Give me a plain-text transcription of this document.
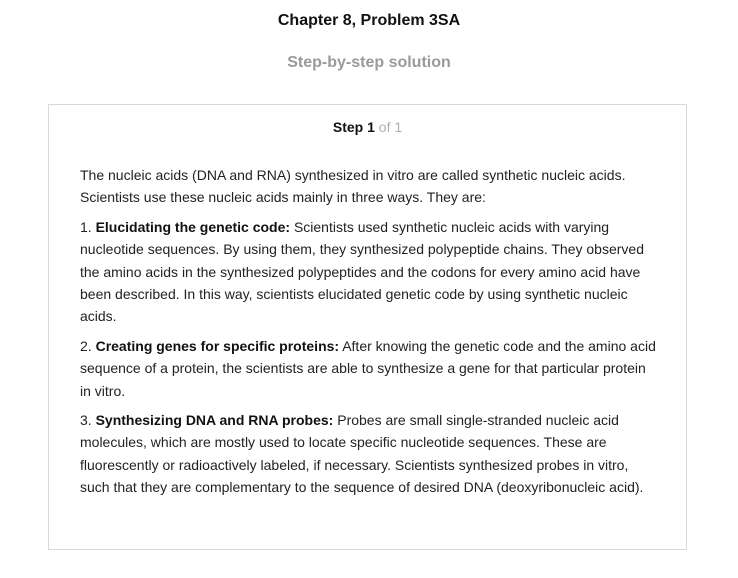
Chapter 8, Problem 3SA
Step-by-step solution
Step 1 of 1

The nucleic acids (DNA and RNA) synthesized in vitro are called synthetic nucleic acids. Scientists use these nucleic acids mainly in three ways. They are:

1. Elucidating the genetic code: Scientists used synthetic nucleic acids with varying nucleotide sequences. By using them, they synthesized polypeptide chains. They observed the amino acids in the synthesized polypeptides and the codons for every amino acid have been described. In this way, scientists elucidated genetic code by using synthetic nucleic acids.

2. Creating genes for specific proteins: After knowing the genetic code and the amino acid sequence of a protein, the scientists are able to synthesize a gene for that particular protein in vitro.

3. Synthesizing DNA and RNA probes: Probes are small single-stranded nucleic acid molecules, which are mostly used to locate specific nucleotide sequences. These are fluorescently or radioactively labeled, if necessary. Scientists synthesized probes in vitro, such that they are complementary to the sequence of desired DNA (deoxyribonucleic acid).
